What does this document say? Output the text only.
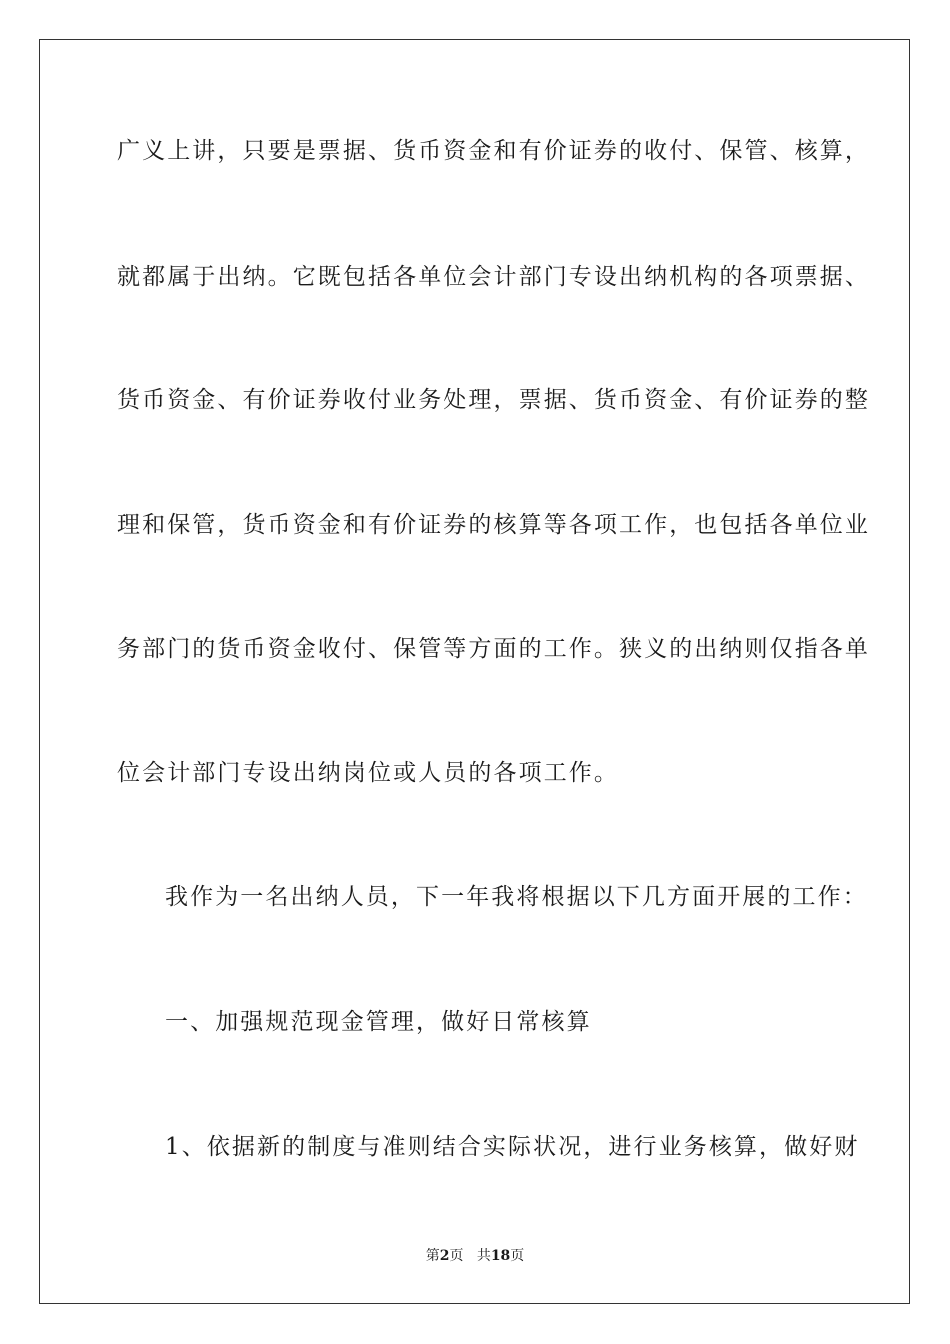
广义上讲，只要是票据、货币资金和有价证券的收付、保管、核算，
就都属于出纳。它既包括各单位会计部门专设出纳机构的各项票据、
货币资金、有价证券收付业务处理，票据、货币资金、有价证券的整
理和保管，货币资金和有价证券的核算等各项工作，也包括各单位业
务部门的货币资金收付、保管等方面的工作。狭义的出纳则仅指各单
位会计部门专设出纳岗位或人员的各项工作。
我作为一名出纳人员，下一年我将根据以下几方面开展的工作：
一、加强规范现金管理，做好日常核算
1、依据新的制度与准则结合实际状况，进行业务核算，做好财
第2页 共18页
